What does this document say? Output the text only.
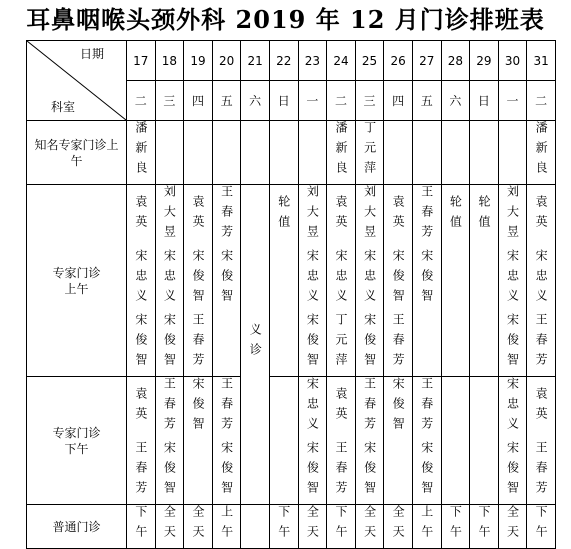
耳鼻咽喉头颈外科 2019 年 12 月门诊排班表
日期
科室	17	18	19	20	21	22	23	24	25	26	27	28	29	30	31
	二	三	四	五	六	日	一	二	三	四	五	六	日	一	二

知名专家门诊上午	潘新良							潘新良	丁元萍						潘新良

专家门诊上午	袁英	刘大昱	袁英	王春芳	义诊	轮值	刘大昱	袁英	刘大昱	袁英	王春芳	轮值	轮值	刘大昱	袁英
	宋忠义	宋忠义	宋俊智	宋俊智			宋忠义	宋忠义	宋忠义	宋俊智	宋俊智			宋忠义	宋忠义
	宋俊智	宋俊智	王春芳				宋俊智	丁元萍	宋俊智	王春芳				宋俊智	王春芳

专家门诊下午	袁英	王春芳	宋俊智	王春芳			宋忠义	袁英	王春芳	宋俊智	王春芳			宋忠义	袁英
	王春芳	宋俊智		宋俊智			宋俊智	王春芳	宋俊智		宋俊智			宋俊智	王春芳
普通门诊	下午	全天	全天	上午		下午	全天	下午	全天	全天	上午	下午	下午	全天	下午
